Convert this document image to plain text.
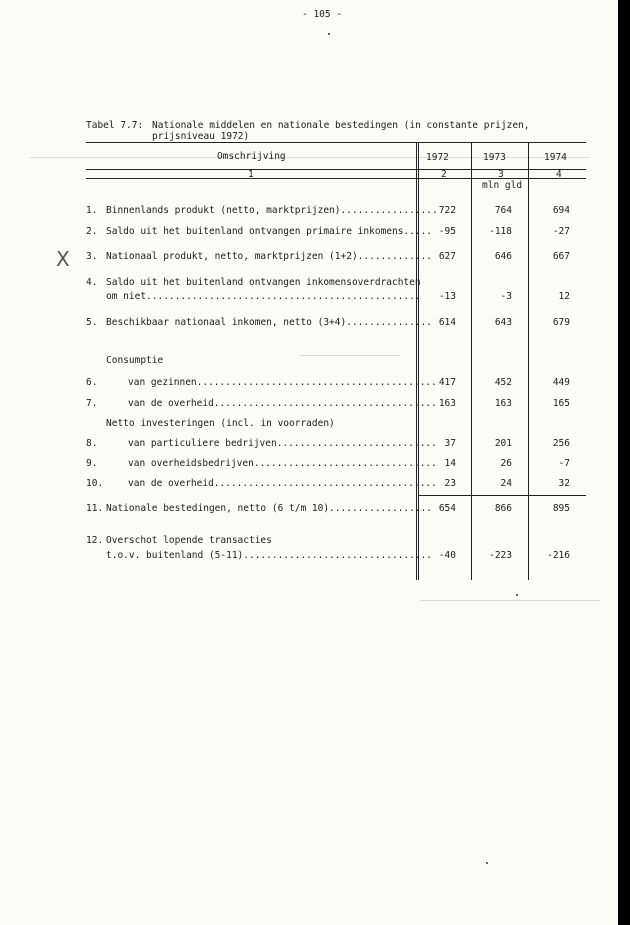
- 105 -
Tabel 7.7: Nationale middelen en nationale bestedingen (in constante prijzen,
prijsniveau 1972)
Omschrijving	1972	1973	1974
1	2	3	4
mln gld
1. Binnenlands produkt (netto, marktprijzen)................. 722	764	694
2. Saldo uit het buitenland ontvangen primaire inkomens..... -95	-118	-27
3. Nationaal produkt, netto, marktprijzen (1+2)............. 627	646	667
4. Saldo uit het buitenland ontvangen inkomensoverdrachten
om niet................................................	-13	-3	12
5. Beschikbaar nationaal inkomen, netto (3+4)............... 614	643	679
Consumptie
6.	van gezinnen.......................................... 417	452	449
7.	van de overheid....................................... 163	163	165
Netto investeringen (incl. in voorraden)
8.	van particuliere bedrijven............................ 37	201	256
9.	van overheidsbedrijven................................ 14	26	-7
10.	van de overheid....................................... 23	24	32
11. Nationale bestedingen, netto (6 t/m 10).................. 654	866	895
12. Overschot lopende transacties
t.o.v. buitenland (5-11)................................. -40	-223	-216
X
